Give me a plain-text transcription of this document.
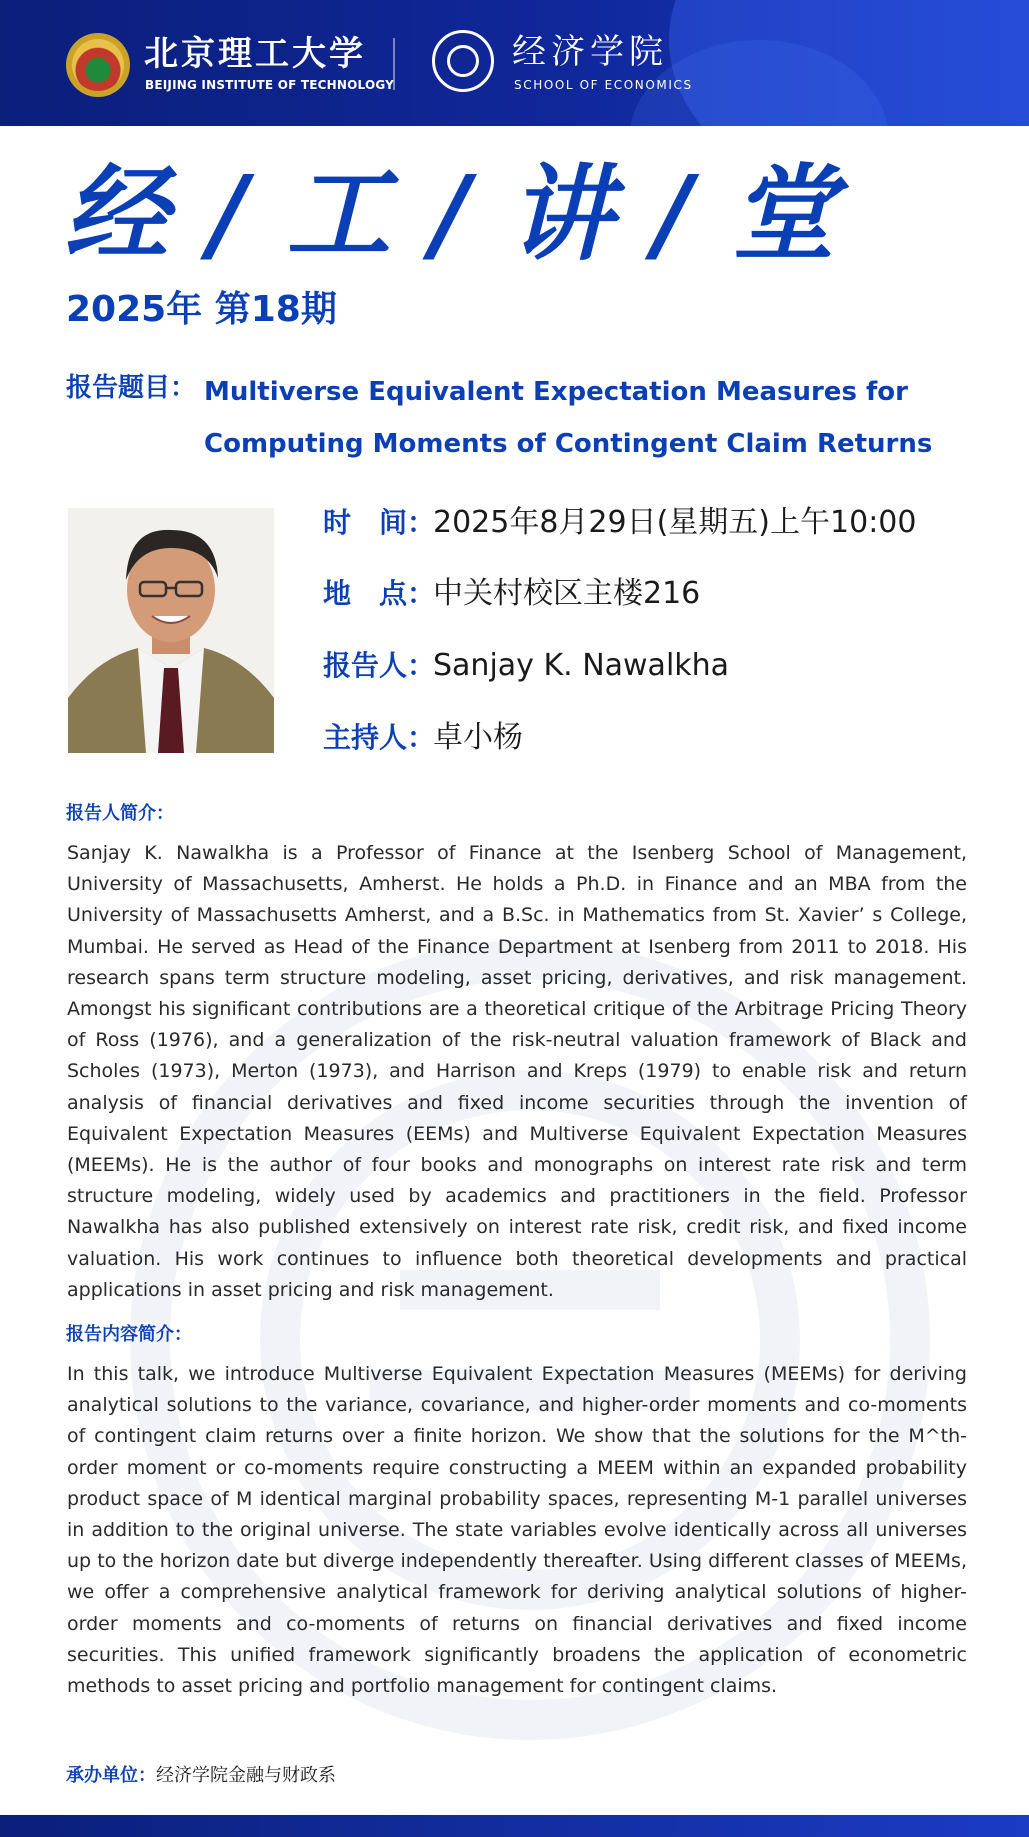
北京理工大学
BEIJING INSTITUTE OF TECHNOLOGY
经济学院
SCHOOL OF ECONOMICS
经 / 工 / 讲 / 堂
2025年 第18期
报告题目： Multiverse Equivalent Expectation Measures for Computing Moments of Contingent Claim Returns
时　间：2025年8月29日(星期五)上午10:00
地　点：中关村校区主楼216
报告人：Sanjay K. Nawalkha
主持人：卓小杨
报告人简介：
Sanjay K. Nawalkha is a Professor of Finance at the Isenberg School of Management, University of Massachusetts, Amherst. He holds a Ph.D. in Finance and an MBA from the University of Massachusetts Amherst, and a B.Sc. in Mathematics from St. Xavier’ s College, Mumbai. He served as Head of the Finance Department at Isenberg from 2011 to 2018. His research spans term structure modeling, asset pricing, derivatives, and risk management. Amongst his significant contributions are a theoretical critique of the Arbitrage Pricing Theory of Ross (1976), and a generalization of the risk-neutral valuation framework of Black and Scholes (1973), Merton (1973), and Harrison and Kreps (1979) to enable risk and return analysis of financial derivatives and fixed income securities through the invention of Equivalent Expectation Measures (EEMs) and Multiverse Equivalent Expectation Measures (MEEMs). He is the author of four books and monographs on interest rate risk and term structure modeling, widely used by academics and practitioners in the field. Professor Nawalkha has also published extensively on interest rate risk, credit risk, and fixed income valuation. His work continues to influence both theoretical developments and practical applications in asset pricing and risk management.
报告内容简介：
In this talk, we introduce Multiverse Equivalent Expectation Measures (MEEMs) for deriving analytical solutions to the variance, covariance, and higher-order moments and co-moments of contingent claim returns over a finite horizon. We show that the solutions for the M^th-order moment or co-moments require constructing a MEEM within an expanded probability product space of M identical marginal probability spaces, representing M-1 parallel universes in addition to the original universe. The state variables evolve identically across all universes up to the horizon date but diverge independently thereafter. Using different classes of MEEMs, we offer a comprehensive analytical framework for deriving analytical solutions of higher-order moments and co-moments of returns on financial derivatives and fixed income securities. This unified framework significantly broadens the application of econometric methods to asset pricing and portfolio management for contingent claims.
承办单位：经济学院金融与财政系
